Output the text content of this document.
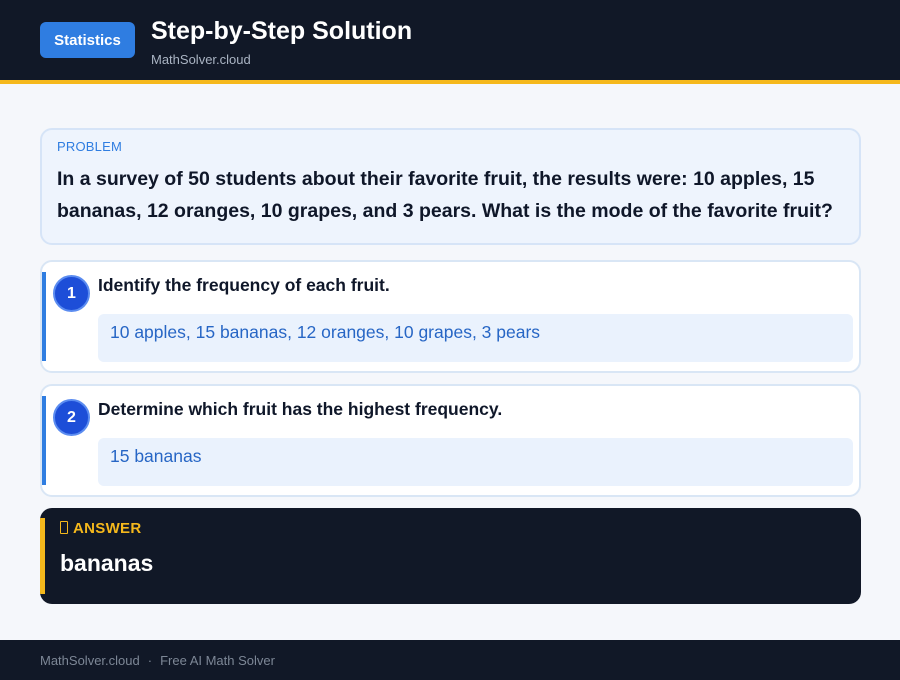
Statistics	Step-by-Step Solution
MathSolver.cloud
PROBLEM
In a survey of 50 students about their favorite fruit, the results were: 10 apples, 15 bananas, 12 oranges, 10 grapes, and 3 pears. What is the mode of the favorite fruit?
1	Identify the frequency of each fruit.
10 apples, 15 bananas, 12 oranges, 10 grapes, 3 pears
2	Determine which fruit has the highest frequency.
15 bananas
ANSWER
bananas
MathSolver.cloud · Free AI Math Solver
